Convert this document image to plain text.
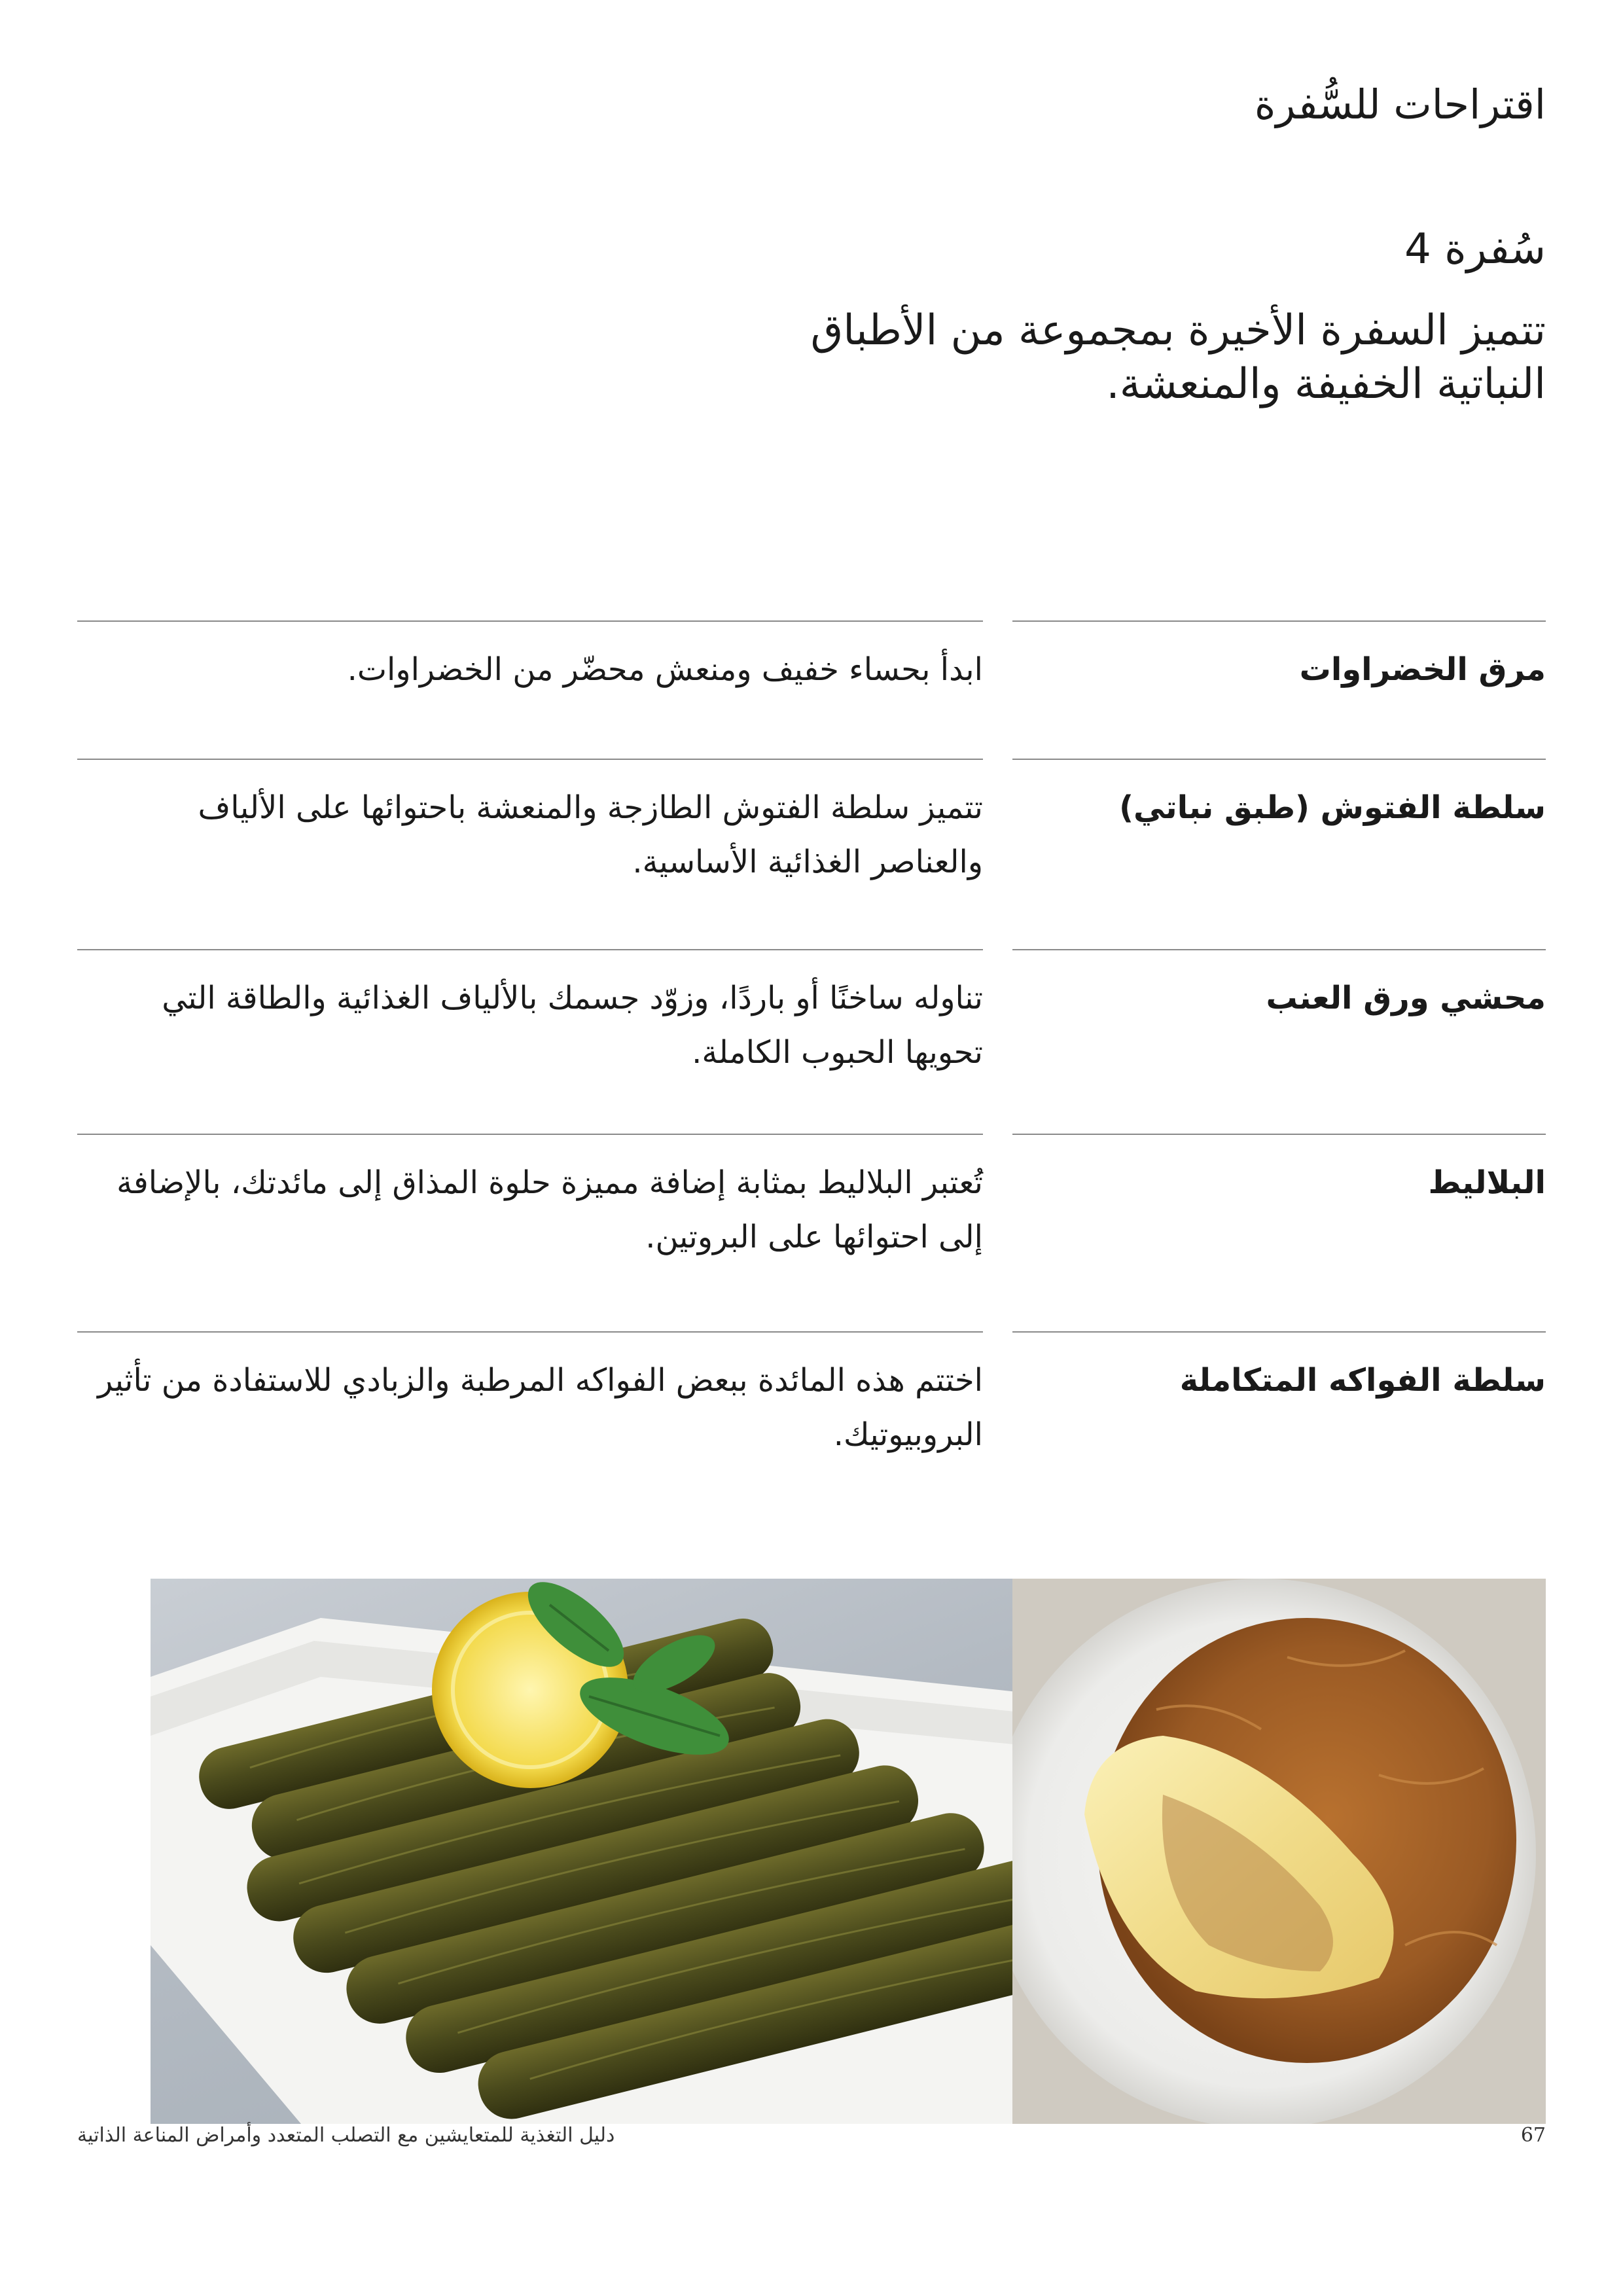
اقتراحات للسُّفرة
سُفرة 4
تتميز السفرة الأخيرة بمجموعة من الأطباق النباتية الخفيفة والمنعشة.
مرق الخضراوات
ابدأ بحساء خفيف ومنعش محضّر من الخضراوات.
سلطة الفتوش (طبق نباتي)
تتميز سلطة الفتوش الطازجة والمنعشة باحتوائها على الألياف والعناصر الغذائية الأساسية.
محشي ورق العنب
تناوله ساخنًا أو باردًا، وزوّد جسمك بالألياف الغذائية والطاقة التي تحويها الحبوب الكاملة.
البلاليط
تُعتبر البلاليط بمثابة إضافة مميزة حلوة المذاق إلى مائدتك، بالإضافة إلى احتوائها على البروتين.
سلطة الفواكه المتكاملة
اختتم هذه المائدة ببعض الفواكه المرطبة والزبادي للاستفادة من تأثير البروبيوتيك.
دليل التغذية للمتعايشين مع التصلب المتعدد وأمراض المناعة الذاتية	67
